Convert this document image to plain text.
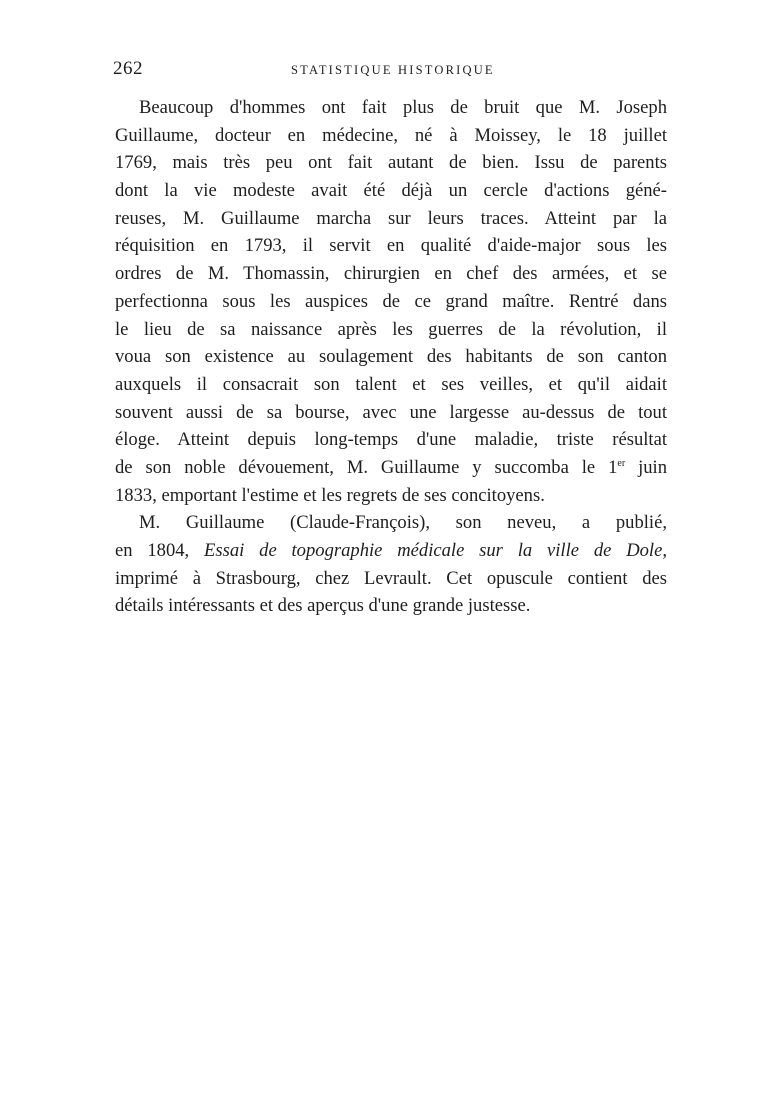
262	STATISTIQUE HISTORIQUE
Beaucoup d'hommes ont fait plus de bruit que M. Joseph
Guillaume, docteur en médecine, né à Moissey, le 18 juillet
1769, mais très peu ont fait autant de bien. Issu de parents
dont la vie modeste avait été déjà un cercle d'actions géné-
reuses, M. Guillaume marcha sur leurs traces. Atteint par la
réquisition en 1793, il servit en qualité d'aide-major sous les
ordres de M. Thomassin, chirurgien en chef des armées, et se
perfectionna sous les auspices de ce grand maître. Rentré dans
le lieu de sa naissance après les guerres de la révolution, il
voua son existence au soulagement des habitants de son canton
auxquels il consacrait son talent et ses veilles, et qu'il aidait
souvent aussi de sa bourse, avec une largesse au-dessus de tout
éloge. Atteint depuis long-temps d'une maladie, triste résultat
de son noble dévouement, M. Guillaume y succomba le 1er juin
1833, emportant l'estime et les regrets de ses concitoyens.
M. Guillaume (Claude-François), son neveu, a publié,
en 1804, Essai de topographie médicale sur la ville de Dole,
imprimé à Strasbourg, chez Levrault. Cet opuscule contient des
détails intéressants et des aperçus d'une grande justesse.
